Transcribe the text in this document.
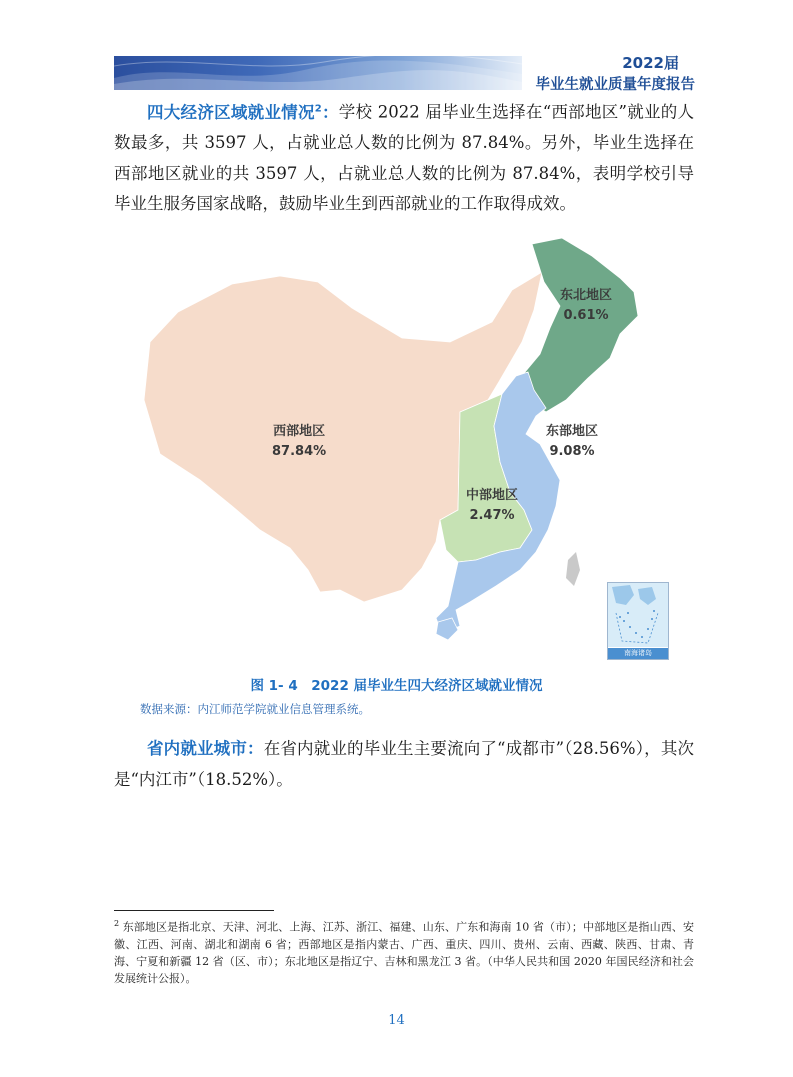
2022届
毕业生就业质量年度报告
四大经济区域就业情况$^2$：学校 2022 届毕业生选择在“西部地区”就业的人数最多，共 3597 人，占就业总人数的比例为 87.84%。另外，毕业生选择在西部地区就业的共 3597 人，占就业总人数的比例为 87.84%，表明学校引导毕业生服务国家战略，鼓励毕业生到西部就业的工作取得成效。
西部地区
87.84%
东北地区
0.61%
东部地区
9.08%
中部地区
2.47%
南海诸岛
图 1- 4　2022 届毕业生四大经济区域就业情况
数据来源：内江师范学院就业信息管理系统。
省内就业城市：在省内就业的毕业生主要流向了“成都市”（28.56%），其次是“内江市”（18.52%）。
$^2$ 东部地区是指北京、天津、河北、上海、江苏、浙江、福建、山东、广东和海南 10 省（市）；中部地区是指山西、安徽、江西、河南、湖北和湖南 6 省；西部地区是指内蒙古、广西、重庆、四川、贵州、云南、西藏、陕西、甘肃、青海、宁夏和新疆 12 省（区、市）；东北地区是指辽宁、吉林和黑龙江 3 省。（中华人民共和国 2020 年国民经济和社会发展统计公报）。
14
